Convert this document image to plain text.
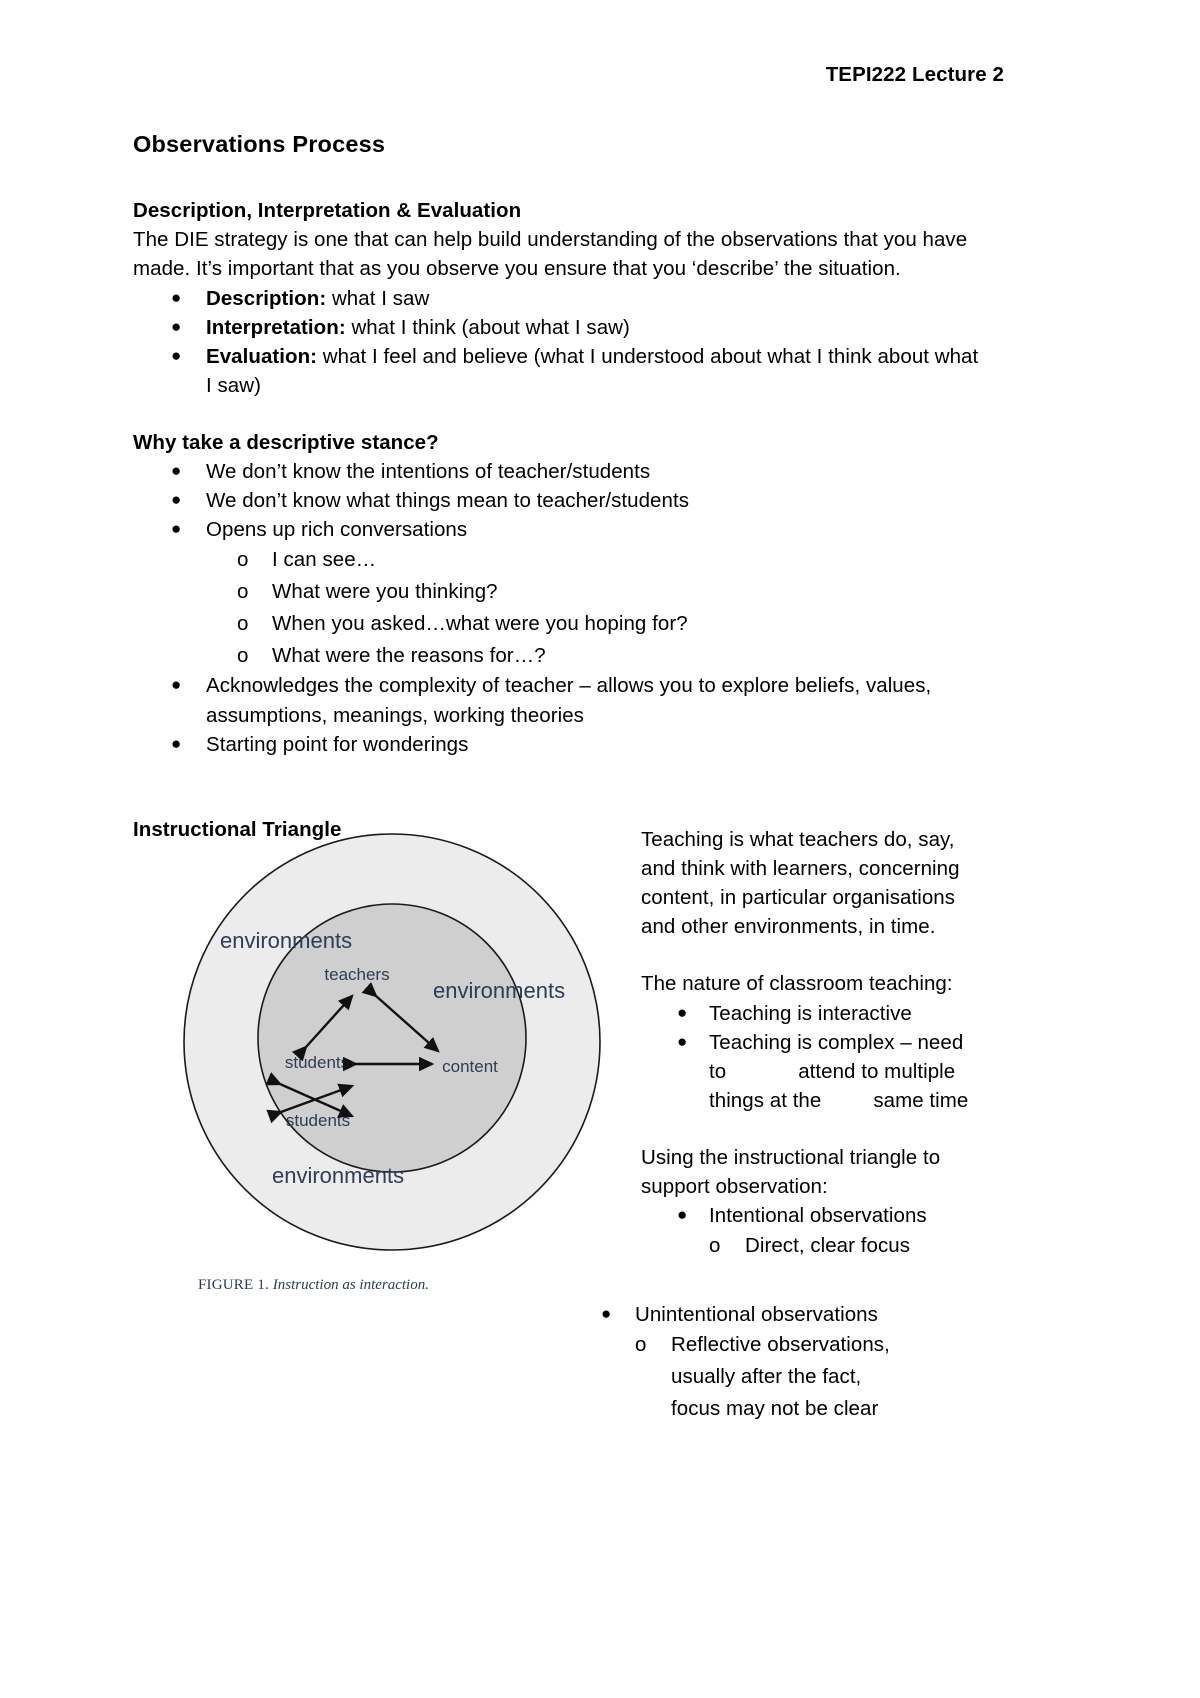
TEPI222 Lecture 2
Observations Process
Description, Interpretation & Evaluation

The DIE strategy is one that can help build understanding of the observations that you have

made. It’s important that as you observe you ensure that you ‘describe’ the situation.

● Description: what I saw
● Interpretation: what I think (about what I saw)
● Evaluation: what I feel and believe (what I understood about what I think about what
I saw)
Why take a descriptive stance?
● We don’t know the intentions of teacher/students
● We don’t know what things mean to teacher/students
● Opens up rich conversations
o I can see…
o What were you thinking?
o When you asked…what were you hoping for?
o What were the reasons for…?
● Acknowledges the complexity of teacher – allows you to explore beliefs, values,
assumptions, meanings, working theories
● Starting point for wonderings
Instructional Triangle
environments
environments
environments
teachers
students	content
students
FIGURE 1. Instruction as interaction.

Teaching is what teachers do, say,

and think with learners, concerning

content, in particular organisations

and other environments, in time.

The nature of classroom teaching:

● Teaching is interactive
● Teaching is complex – need
to	attend to multiple
things at the	same time

Using the instructional triangle to

support observation:

● Intentional observations
o Direct, clear focus
● Unintentional observations
o Reflective observations,
usually after the fact,
focus may not be clear
